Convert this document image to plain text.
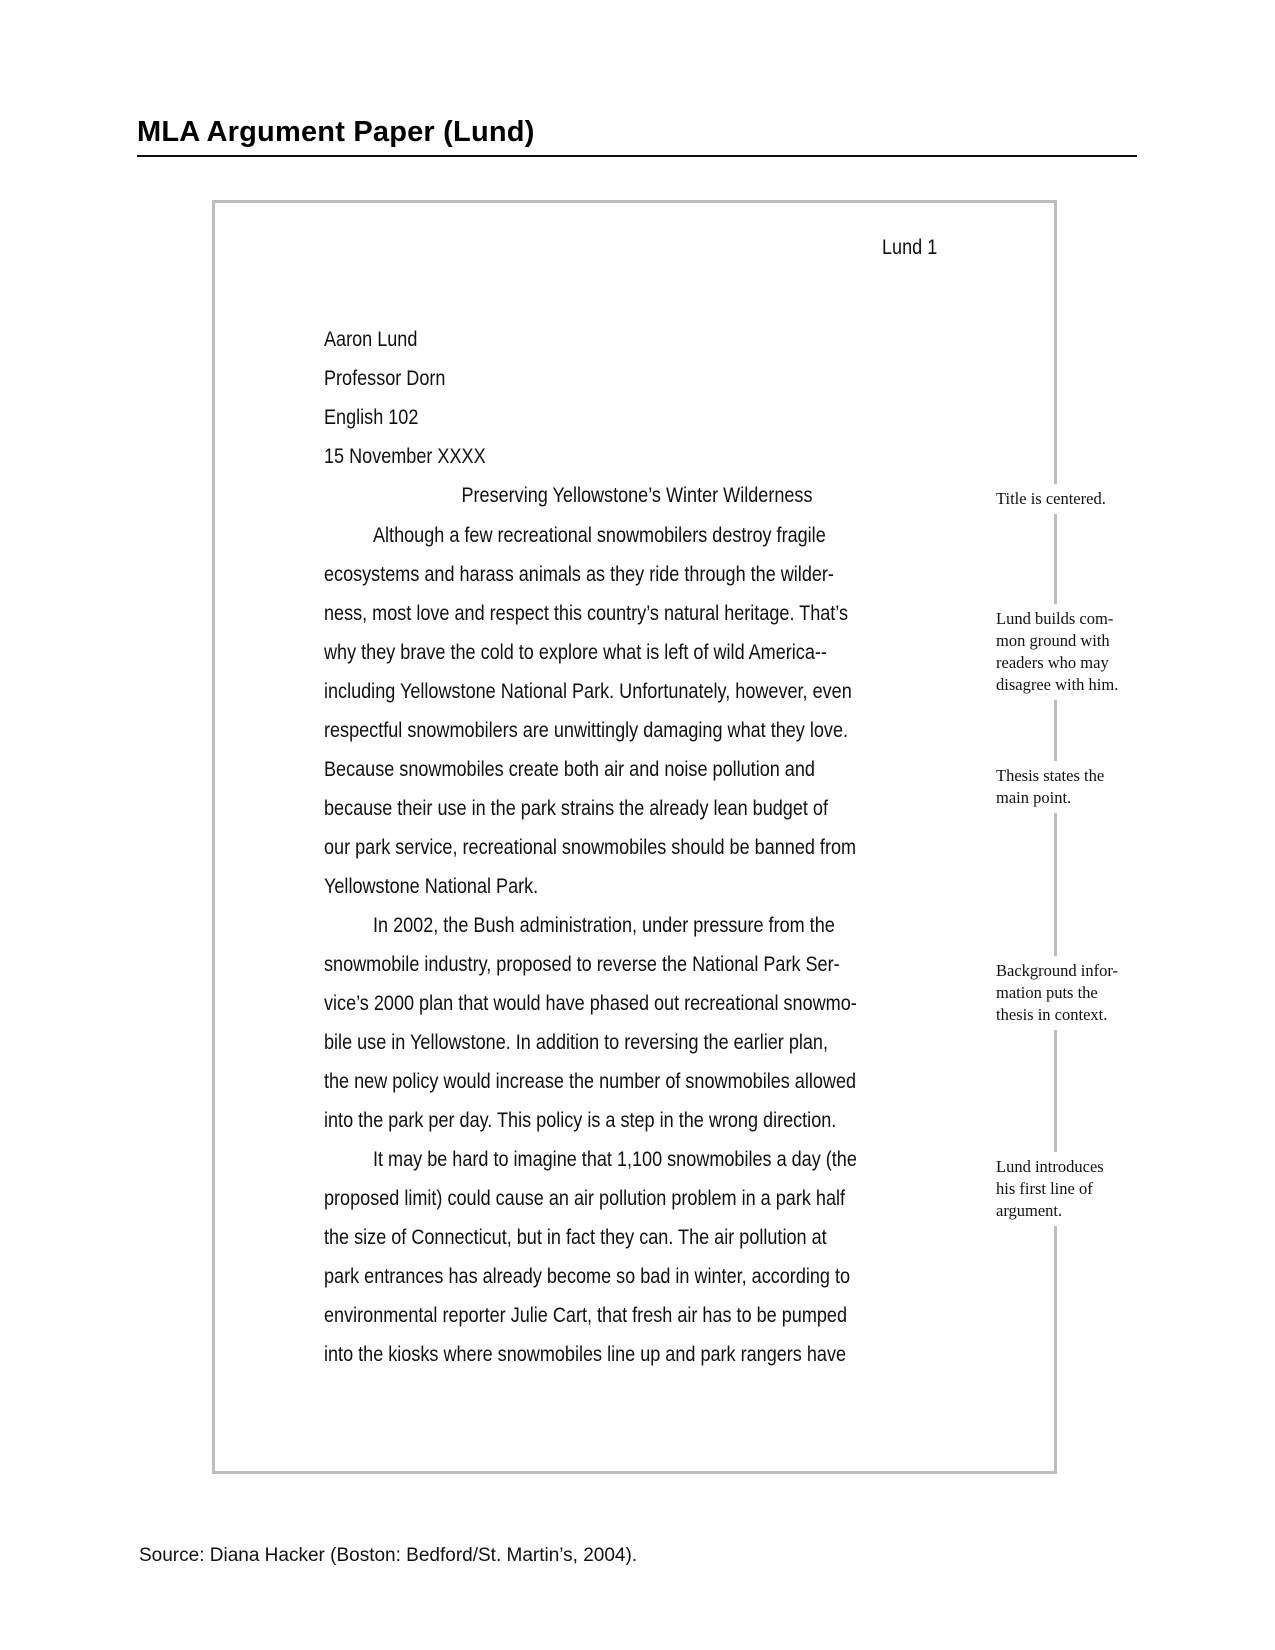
MLA Argument Paper (Lund)
Lund 1
Aaron Lund
Professor Dorn
English 102
15 November XXXX
Preserving Yellowstone’s Winter Wilderness
Although a few recreational snowmobilers destroy fragile
ecosystems and harass animals as they ride through the wilder-
ness, most love and respect this country’s natural heritage. That’s
why they brave the cold to explore what is left of wild America--
including Yellowstone National Park. Unfortunately, however, even
respectful snowmobilers are unwittingly damaging what they love.
Because snowmobiles create both air and noise pollution and
because their use in the park strains the already lean budget of
our park service, recreational snowmobiles should be banned from
Yellowstone National Park.
In 2002, the Bush administration, under pressure from the
snowmobile industry, proposed to reverse the National Park Ser-
vice’s 2000 plan that would have phased out recreational snowmo-
bile use in Yellowstone. In addition to reversing the earlier plan,
the new policy would increase the number of snowmobiles allowed
into the park per day. This policy is a step in the wrong direction.
It may be hard to imagine that 1,100 snowmobiles a day (the
proposed limit) could cause an air pollution problem in a park half
the size of Connecticut, but in fact they can. The air pollution at
park entrances has already become so bad in winter, according to
environmental reporter Julie Cart, that fresh air has to be pumped
into the kiosks where snowmobiles line up and park rangers have
Title is centered.
Lund builds com-
mon ground with
readers who may
disagree with him.
Thesis states the
main point.
Background infor-
mation puts the
thesis in context.
Lund introduces
his first line of
argument.
Source: Diana Hacker (Boston: Bedford/St. Martin’s, 2004).
